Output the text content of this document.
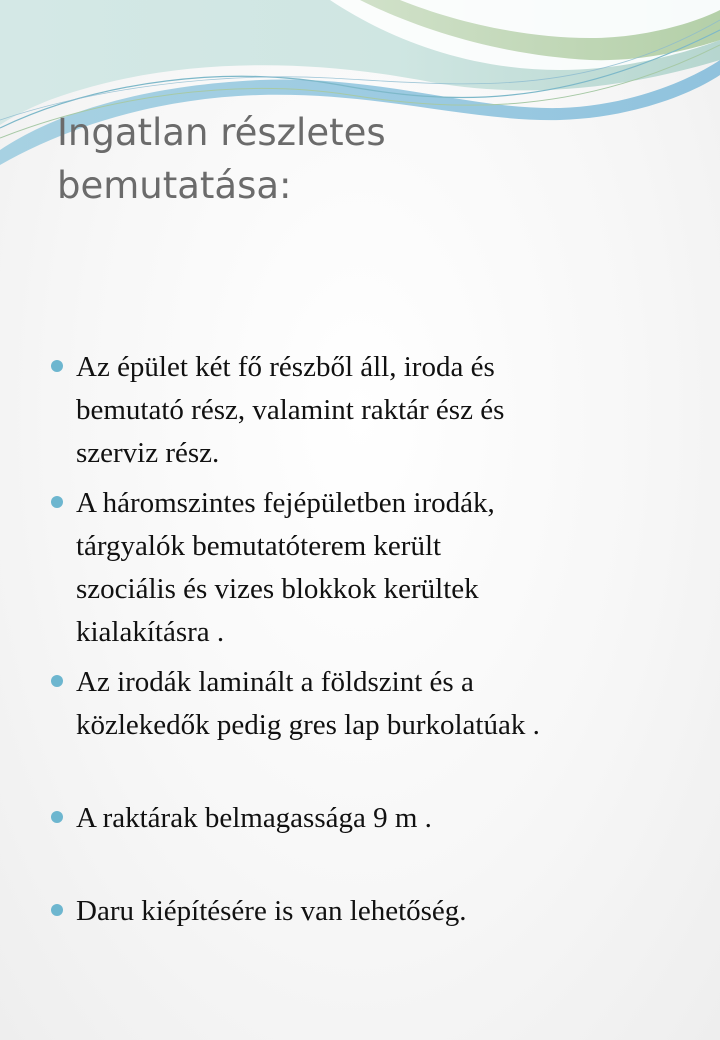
Ingatlan részletes
bemutatása:
Az épület két fő részből áll, iroda és
bemutató rész, valamint raktár ész és
szerviz rész.
A háromszintes fejépületben irodák,
tárgyalók bemutatóterem került
szociális és vizes blokkok kerültek
kialakításra .
Az irodák laminált a földszint és a
közlekedők pedig gres lap burkolatúak .
A raktárak belmagassága 9 m .
Daru kiépítésére is van lehetőség.
